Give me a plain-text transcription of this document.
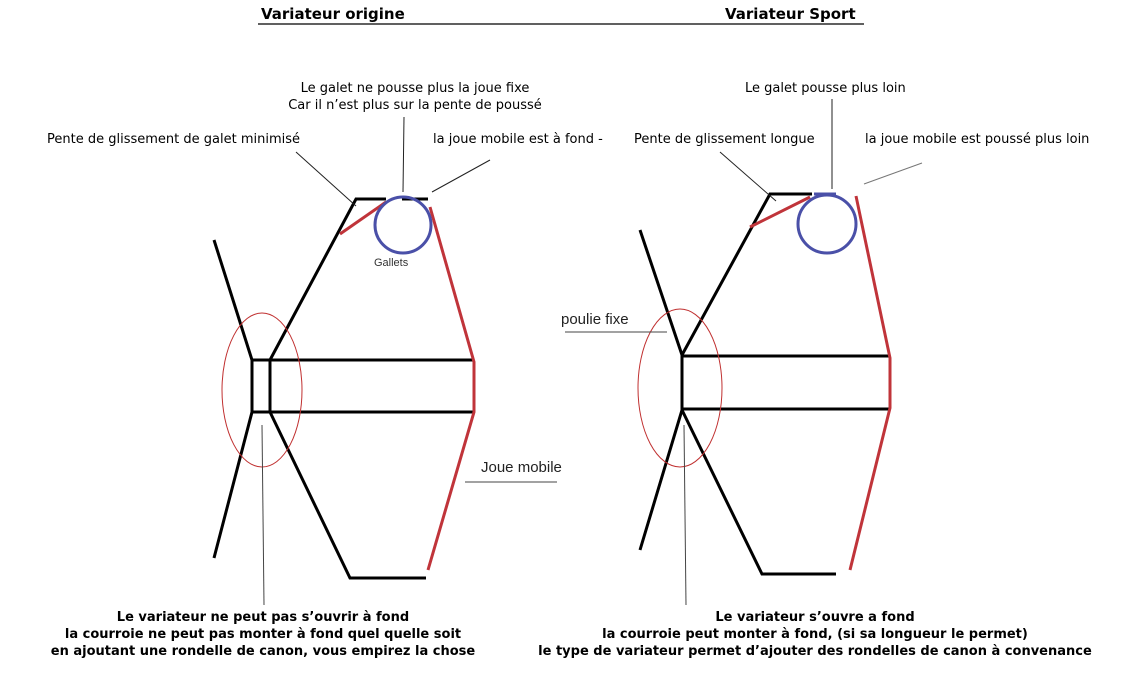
Variateur origine	Variateur Sport
Le galet ne pousse plus la joue fixe
Car il n’est plus sur la pente de poussé
Pente de glissement de galet minimisé	la joue mobile est à fond -
Gallets
Joue mobile
Le variateur ne peut pas s’ouvrir à fond
la courroie ne peut pas monter à fond quel quelle soit
en ajoutant une rondelle de canon, vous empirez la chose
Le galet pousse plus loin
Pente de glissement longue	la joue mobile est poussé plus loin
poulie fixe
Le variateur s’ouvre a fond
la courroie peut monter à fond, (si sa longueur le permet)
le type de variateur permet d’ajouter des rondelles de canon à convenance
